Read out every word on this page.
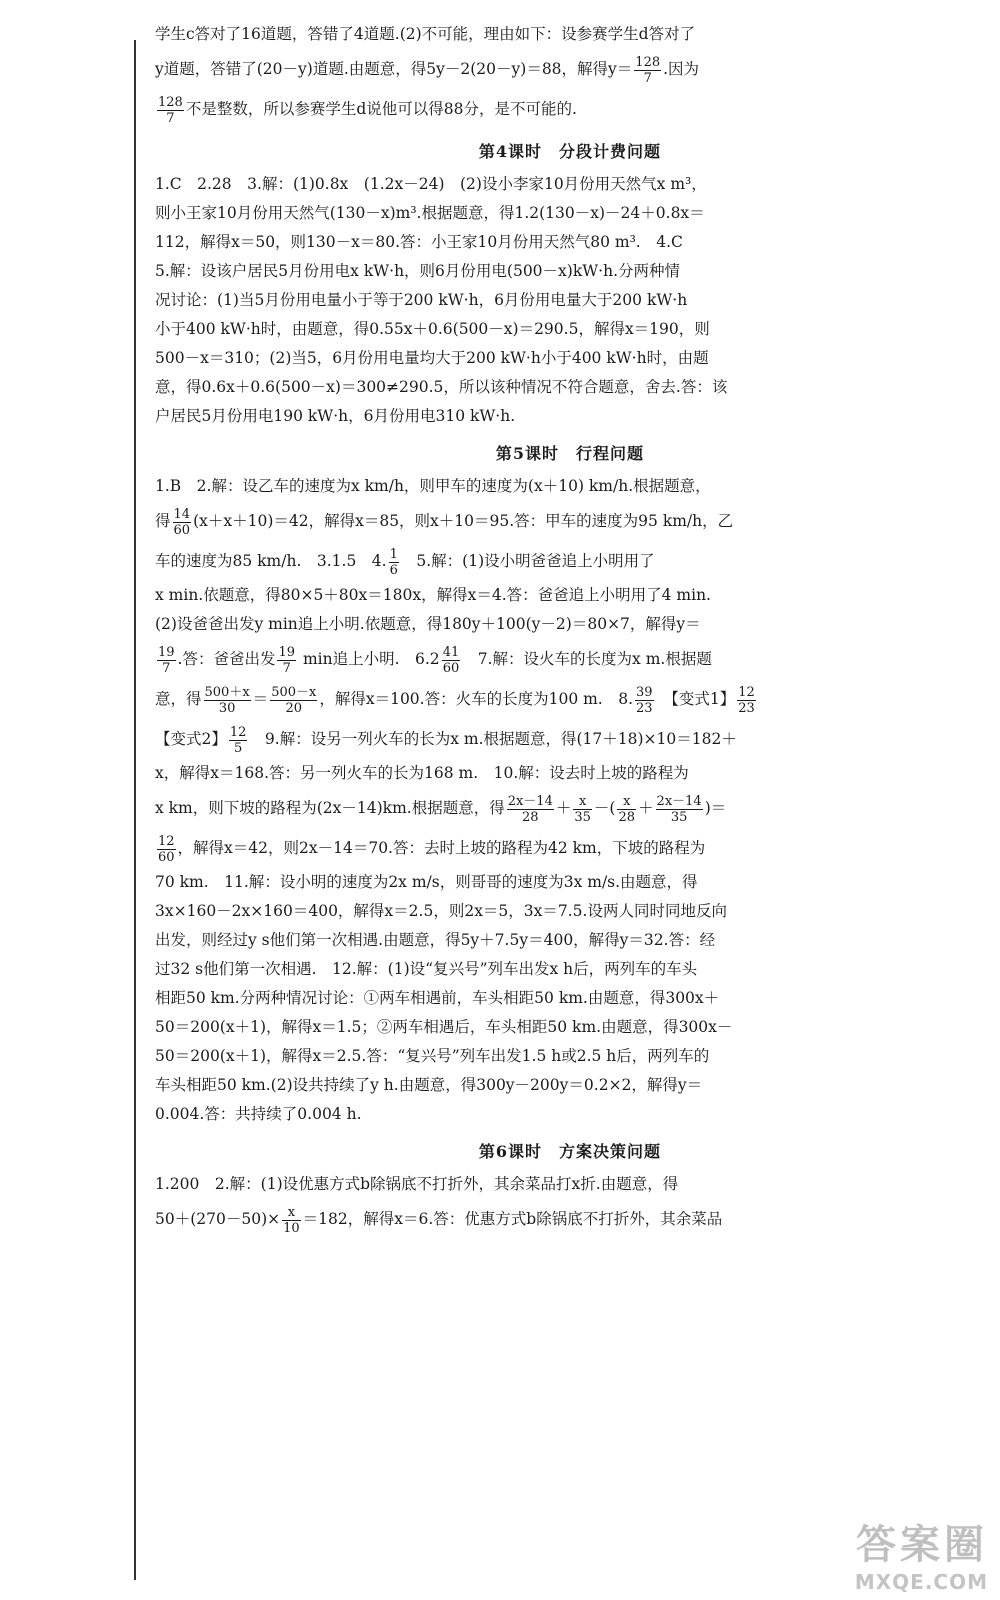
学生c答对了16道题，答错了4道题.(2)不可能，理由如下：设参赛学生d答对了

y道题，答错了(20－y)道题.由题意，得5y－2(20－y)＝88，解得$y= \frac{128}{7}$ .因为

$\frac{128}{7}$ 不是整数，所以参赛学生d说他可以得88分，是不可能的.

第4课时　分段计费问题

1.C　2.28　3.解：(1)0.8x　(1.2x－24)　(2)设小李家10月份用天然气x m³，

则小王家10月份用天然气(130－x)m³.根据题意，得1.2(130－x)－24＋0.8x＝

112，解得x＝50，则130－x＝80.答：小王家10月份用天然气80 m³.　4.C

5.解：设该户居民5月份用电x kW·h，则6月份用电(500－x)kW·h.分两种情

况讨论：(1)当5月份用电量小于等于200 kW·h，6月份用电量大于200 kW·h

小于400 kW·h时，由题意，得0.55x＋0.6(500－x)＝290.5，解得x＝190，则

500－x＝310；(2)当5，6月份用电量均大于200 kW·h小于400 kW·h时，由题

意，得0.6x＋0.6(500－x)＝300≠290.5，所以该种情况不符合题意，舍去.答：该

户居民5月份用电190 kW·h，6月份用电310 kW·h.

第5课时　行程问题

1.B　2.解：设乙车的速度为x km/h，则甲车的速度为(x＋10) km/h.根据题意，

得 $\frac{14}{60} (x+x+10)=42$，解得x＝85，则x＋10＝95.答：甲车的速度为95 km/h，乙

车的速度为85 km/h.　3.1.5　4. $\frac{1}{6}$ 　5.解：(1)设小明爸爸追上小明用了

x min.依题意，得80×5＋80x＝180x，解得x＝4.答：爸爸追上小明用了4 min.

(2)设爸爸出发y min追上小明.依题意，得180y＋100(y－2)＝80×7，解得y＝

$\frac{19}{7}$ .答：爸爸出发 $\frac{19}{7}$ min追上小明.　$6.2 \frac{41}{60}$ 　7.解：设火车的长度为x m.根据题

意，得 $\frac{500+x}{30} = \frac{500-x}{20}$ ，解得x＝100.答：火车的长度为100 m.　8. $\frac{39}{23}$ 　【变式1】 $\frac{12}{23}$

【变式2】 $\frac{12}{5}$ 　9.解：设另一列火车的长为x m.根据题意，得(17＋18)×10＝182＋

x，解得x＝168.答：另一列火车的长为168 m.　10.解：设去时上坡的路程为

x km，则下坡的路程为(2x－14)km.根据题意，得 $\frac{2x-14}{28} + \frac{x}{35}$ －( $\frac{x}{28} + \frac{2x-14}{35}$ )＝

$\frac{12}{60}$ ，解得x＝42，则2x－14＝70.答：去时上坡的路程为42 km，下坡的路程为

70 km.　11.解：设小明的速度为2x m/s，则哥哥的速度为3x m/s.由题意，得

3x×160－2x×160＝400，解得x＝2.5，则2x＝5，3x＝7.5.设两人同时同地反向

出发，则经过y s他们第一次相遇.由题意，得5y＋7.5y＝400，解得y＝32.答：经

过32 s他们第一次相遇.　12.解：(1)设“复兴号”列车出发x h后，两列车的车头

相距50 km.分两种情况讨论：①两车相遇前，车头相距50 km.由题意，得300x＋

50＝200(x＋1)，解得x＝1.5；②两车相遇后，车头相距50 km.由题意，得300x－

50＝200(x＋1)，解得x＝2.5.答：“复兴号”列车出发1.5 h或2.5 h后，两列车的

车头相距50 km.(2)设共持续了y h.由题意，得300y－200y＝0.2×2，解得y＝

0.004.答：共持续了0.004 h.

第6课时　方案决策问题

1.200　2.解：(1)设优惠方式b除锅底不打折外，其余菜品打x折.由题意，得

$50+(270-50)\times \frac{x}{10} =182$，解得x＝6.答：优惠方式b除锅底不打折外，其余菜品

答案圈
MXQE.COM
